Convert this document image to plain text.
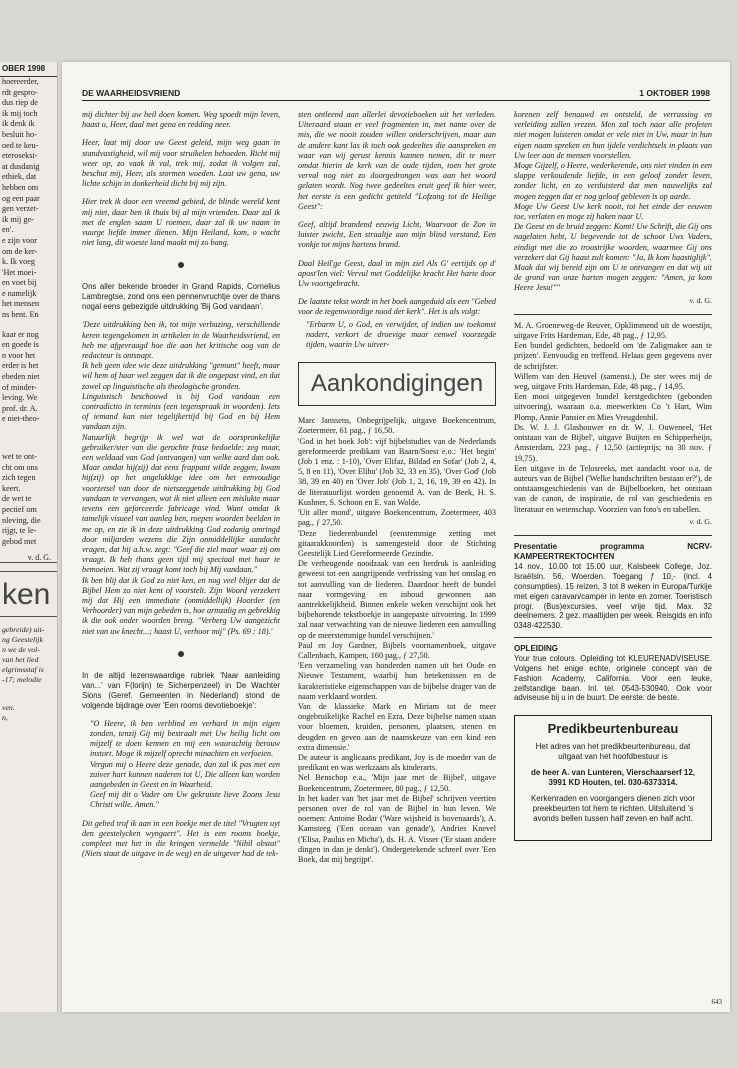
OBER 1998
hoereerder,
rdt gespro-
dus riep de
ik mij toch
ik denk ik
besluit ho-
oed te keu-
eterosekst-
at dusdanig
ethiek, dat
hebben om
og een paar
gen verzet-
ik mij ge-
en'.
e zijn voor
om de ker-
k. Ik voeg
'Het moei-
en voet bij
e namelijk
het mensen
ns bent. En
kaar er nog
en goede is
n voor het
erder is het
ebeden niet
of minder-
leving. We
prof. dr. A.
e niet-theo-
wet te ont-
cht om ons
zich tegen
keert.
de wet te
pectief om
nleving, die
rijgt, te le-
gebod met
v. d. G.
ken
gebreide) uit-
ng Geestelijk
n we de vol-
van het lied
elgrimsstaf is
-17; melodie
ven.
n,
DE WAARHEIDSVRIEND	1 OKTOBER 1998

mij dichter bij uw heil doen komen. Weg spoedt mijn leven, haast u, Heer, daal met gena en redding neer.

Heer, laat mij door uw Geest geleid, mijn weg gaan in standvastigheid, wil mij voor struikelen behoeden. Richt mij weer op, zo vaak ik val, trek mij, zodat ik volgen zal, beschut mij, Heer, als stormen woeden. Laat uw gena, uw lichte schijn in donkerheid dicht bij mij zijn.

Hier trek ik door een vreemd gebied, de blinde wereld kent mij niet, daar ben ik thuis bij al mijn vrienden. Daar zal ik met de englen saam U roemen, daar zal ik uw naam in vuurge liefde immer dienen. Mijn Heiland, kom, o wacht niet lang, dit woeste land maakt mij zo bang.

Ons aller bekende broeder in Grand Rapids, Cornelius Lambregtse, zond ons een pennenvruchtje over de thans nogal eens gebezigde uitdrukking 'Bij God vandaan'.

'Deze uitdrukking ben ik, tot mijn verbazing, verschillende keren tegengekomen in artikelen in de Waarheidsvriend, en heb me afgevraagd hoe die aan het kritische oog van de redacteur is ontsnapt.

Ik heb geen idee wie deze uitdrukking "gemunt" heeft, maar wil hem of haar wel zeggen dat ik die ongepast vind, en dat zowel op linguistische als theologische gronden.

Linguistisch beschouwd is bij God vandaan een contradictio in terminis (een tegenspraak in woorden). Iets of iemand kan niet tegelijkertijd bij God en bij Hem vandaan zijn.

Natuurlijk begrijp ik wel wat de oorspronkelijke gebruiker/ster van die gerochte frase bedoelde: zeg maar, een weldaad van God (ontvangen) van welke aard dan ook. Maar omdat hij(zij) dat eens frappant wilde zeggen, kwam hij(zij) op het ongelukkige idee om het eenvoudige voorzetsel van door de nietszeggende uitdrukking bij God vandaan te vervangen, wat ik niet alleen een mislukte maar tevens een geforceerde fabricage vind. Want omdat ik tamelijk visueel van aanleg ben, roepen woorden beelden in me op, en zie ik in deze uitdrukking God zodanig omringd door miljarden wezens die Zijn onmiddellijke aandacht vragen, dat hij a.h.w. zegt: "Geef die ziel maar waar zij om vraagt. Ik heb thans geen tijd mij speciaal met haar te bemoeien. Wat zij vraagt komt toch bij Mij vandaan."

Ik ben blij dat ik God zo niet ken, en nog veel blijer dat de Bijbel Hem zo niet kent of voorstelt. Zijn Woord verzekert mij dat Hij een immediate (onmiddellijk) Hoorder (en Verhoorder) van mijn gebeden is, hoe armzalig en gebrekkig ik die ook onder woorden breng. "Verberg Uw aangezicht niet van uw knecht...; haast U, verhoor mij" (Ps. 69 : 18).'

In de altijd lezenswaardige rubriek 'Naar aanleiding van...' van F(lorijn) te Sicherpenzeel) in De Wachter Sions (Geref. Gemeenten in Nederland) stond de volgende bijdrage over 'Een rooms devotieboekje':

"O Heere, ik ben verblind en verhard in mijn eigen zonden, tenzij Gij mij bestraalt met Uw heilig licht om mijzelf te doen kennen en mij een waarachtig berouw instort. Moge ik mijzelf oprecht minachten en verfoeien.

Vergun mij o Heere deze genade, dan zal ik pas met een zuiver hart kunnen naderen tot U, Die alleen kan worden aangebeden in Geest en in Waarheid.

Geef mij dit o Vader om Uw gekruiste lieve Zoons Jesu Christi wille. Amen."

Dit gebed trof ik aan in een boekje met de titel "Vrugten uyt den geestelycken wyngaert". Het is een rooms boekje, compleet met het in die kringen vermelde "Nihil obstat" (Niets staat de uitgave in de weg) en de uitgever had de tek-

sten ontleend aan allerlei devotieboeken uit het verleden. Uiteraard staan er veel fragmenten in, met name over de mis, die we nooit zouden willen onderschrijven, maar aan de andere kant las ik toch ook gedeeltes die aanspreken en waar van wij gerust kennis kunnen nemen, dit te meer omdat hierin de kerk van de oude tijden, toen het grote verval nog niet zo doorgedrongen was aan het woord gelaten wordt. Nog twee gedeeltes eruit geef ik hier weer, het eerste is een gedicht getiteld "Lofzang tot de Heilige Geest":

Geef, altijd brandend eeuwig Licht, Waarvoor de Zon in luister zwicht, Een straaltje aan mijn blind verstand, Een vonkje tot mijns hartens brand.

Daal Heil'ge Geest, daal in mijn ziel Als G' eertijds op d' apost'len viel: Vervul met Goddelijke kracht Het harte door Uw voortgebracht.

De laatste tekst wordt in het boek aangeduid als een "Gebed voor de tegenwoordige nood der kerk". Het is als volgt:

"Erbarm U, o God, en verwijder, of indien uw toekomst nadert, verkort de droevige maar eenwel voorzegde tijden, waarin Uw uitver-

Aankondigingen

Marc Janssens, Onbegrijpelijk, uitgave Boekencentrum, Zoetermeer, 61 pag., ƒ 16,50.

'God in het boek Job': vijf bijbelstudies van de Nederlands gereformeerde predikant van Baarn/Soest e.o.: 'Het begin' (Job 1 enz. : 1-10), 'Over Elifaz, Bildad en Sofar' (Job 2, 4, 5, 8 en 11), 'Over Elihu' (Job 32, 33 en 35), 'Over God' (Job 38, 39 en 40) en 'Over Job' (Job 1, 2, 16, 19, 39 en 42). In de literatuurlijst worden genoemd A. van de Beek, H. S. Kushner, S. Schoon en E. van Wolde.

'Uit aller mond', uitgave Boekencentrum, Zoetermeer, 403 pag., ƒ 27,50.

'Deze liederenbundel (eenstemmige zetting met gitaarakkoorden) is samengesteld door de Stichting Geestelijk Lied Gereformeerde Gezindte.

De verheugende noodzaak van een herdruk is aanleiding geweest tot een aangrijpende verfrissing van het omslag en tot aanvulling van de liederen. Daardoor heeft de bundel naar vormgeving en inhoud gewonnen aan aantrekkelijkheid. Binnen enkele weken verschijnt ook het bijbehorende tekstboekje in aangepaste uitvoering. In 1999 zal naar verwachting van de nieuwe liederen een aanvulling op de meerstemmige bundel verschijnen.'

Paul en Joy Gardner, Bijbels voornamenboek, uitgave Callenbach, Kampen, 160 pag., ƒ 27,50.

'Een verzameling van honderden namen uit het Oude en Nieuwe Testament, waarbij hun betekenissen en de karakteristieke eigenschappen van de bijbelse drager van de naam verklaard worden.

Van de klassieke Mark en Miriam tot de meer ongebruikelijke Rachel en Ezra. Deze bijbelse namen staan voor bloemen, kruiden, personen, plaatsen, stenen en deugden en geven aan de naamskeuze van een kind een extra dimensie.'

De auteur is anglicaans predikant, Joy is de moeder van de predikant en was werkzaam als kinderarts.

Nel Benschop e.a., 'Mijn jaar met de Bijbel', uitgave Boekencentrum, Zoetermeer, 80 pag., ƒ 12,50.

In het kader van 'het jaar met de Bijbel' schrijven veertien personen over de rol van de Bijbel in hun leven. We noemen: Antoine Bodar ('Ware wijsheid is bovenaards'), A. Kamsteeg ('Een oceaan van genade'), Andries Knevel ('Elisa, Paulus en Micha'), ds. H. A. Visser ('Er staan andere dingen in dan je denkt'). Ondergetekende schreef over 'Een Boek, dat mij begrijpt'.

korenen zelf benauwd en ontsteld, de verrassing en verleiding zullen vrezen. Men zal toch naar alle profeten niet mogen luisteren omdat er vele niet in Uw, maar in hun eigen naam spreken en hun ijdele verdichtsels in plaats van Uw leer aan de mensen voorstellen.

Moge Gijzelf, o Heere, wederkerende, ons niet vinden in een slappe verkoudende liefde, in een geloof zonder leven, zonder licht, en zo verduisterd dat men nauwelijks zal mogen zeggen dat er nog geloof gebleven is op aarde.

Moge Uw Geest Uw kerk nooit, tot het einde der eeuwen toe, verlaten en moge zij haken naar U.

De Geest en de bruid zeggen: Komt! Uw Schrift, die Gij ons nagelaten hebt, U begevende tot de schoot Uws Vaders, eindigt met die zo troostrijke woorden, waarmee Gij ons verzekert dat Gij haast zult komen: "Ja, Ik kom haastiglijk". Maak dat wij bereid zijn om U te ontvangen en dat wij uit de grond van onze harten mogen zeggen: "Amen, ja kom Heere Jesu!""

v. d. G.

M. A. Groeneweg-de Reuver, Opklimmend uit de woestijn, uitgave Frits Hardeman, Ede, 48 pag., ƒ 12,95.

Een bundel gedichten, bedoeld om 'de Zaligmaker aan te prijzen'. Eenvoudig en treffend. Helaas geen gegevens over de schrijfster.

Willem van den Heuvel (samenst.), De ster wees mij de weg, uitgave Frits Hardeman, Ede, 48 pag., ƒ 14,95.

Een mooi uitgegeven bundel kerstgedichten (gebonden uitvoering), waaraan o.a. meewerkten Co 't Hart, Wim Plomp, Annie Pansier en Mies Vreugdenhil.

Ds. W. J. J. Glashouwer en dr. W. J. Ouweneel, 'Het ontstaan van de Bijbel', uitgave Buijten en Schipperheijn, Amsterdam, 223 pag., ƒ 12,50 (actieprijs; na 30 nov. ƒ 19,75).

Een uitgave in de Telosreeks, met aandacht voor o.a. de auteurs van de Bijbel ('Welke handschriften bestaan er?'), de ontstaansgeschiedenis van de Bijbelboeken, het ontstaan van de canon, de inspiratie, de rol van geschiedenis en literatuur en wetenschap. Voorzien van foto's en tabellen.

v. d. G.
Presentatie programma NCRV-KAMPEERTREKTOCHTEN
14 nov., 10.00 tot 15.00 uur, Kalsbeek College, Joz. Israëlsln. 56, Woerden. Toegang ƒ 10,- (incl. 4 consumpties). 15 reizen, 3 tot 8 weken in Europa/Turkije met eigen caravan/camper in lente en zomer. Toeristisch progr. (Bus)excursies, veel vrije tijd. Max. 32 deelnemers. 2 gez. maaltijden per week. Reisgids en info 0348-422530.
OPLEIDING
Your true colours. Opleiding tot KLEURENADVISEUSE. Volgens het enige echte, originele concept van de Fashion Academy, California. Voor een leuke, zelfstandige baan. Inl. tel. 0543-530940. Ook voor adviseuse bij u in de buurt. De eerste: de beste.
Predikbeurtenbureau

Het adres van het predikbeurtenbureau, dat uitgaat van het hoofdbestuur is

de heer A. van Lunteren, Vierschaarserf 12, 3991 KD Houten, tel. 030-6373314.

Kerkenraden en voorgangers dienen zich voor preekbeurten tot hem te richten. Uitsluitend 's avonds bellen tussen half zeven en half acht.

643
